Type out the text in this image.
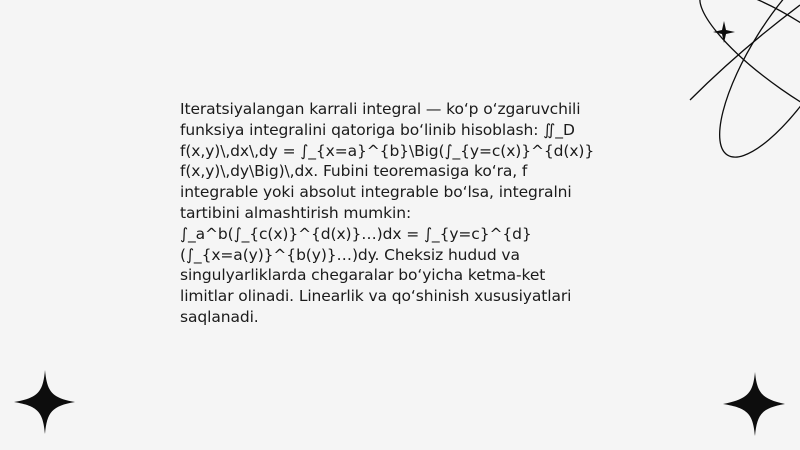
Iteratsiyalangan karrali integral — ko‘p o‘zgaruvchili
funksiya integralini qatoriga bo‘linib hisoblash: ∬_D
f(x,y)\,dx\,dy = ∫_{x=a}^{b}\Big(∫_{y=c(x)}^{d(x)}
f(x,y)\,dy\Big)\,dx. Fubini teoremasiga ko‘ra, f
integrable yoki absolut integrable bo‘lsa, integralni
tartibini almashtirish mumkin:
∫_a^b(∫_{c(x)}^{d(x)}…)dx = ∫_{y=c}^{d}
(∫_{x=a(y)}^{b(y)}…)dy. Cheksiz hudud va
singulyarliklarda chegaralar bo‘yicha ketma-ket
limitlar olinadi. Linearlik va qo‘shinish xususiyatlari
saqlanadi.
